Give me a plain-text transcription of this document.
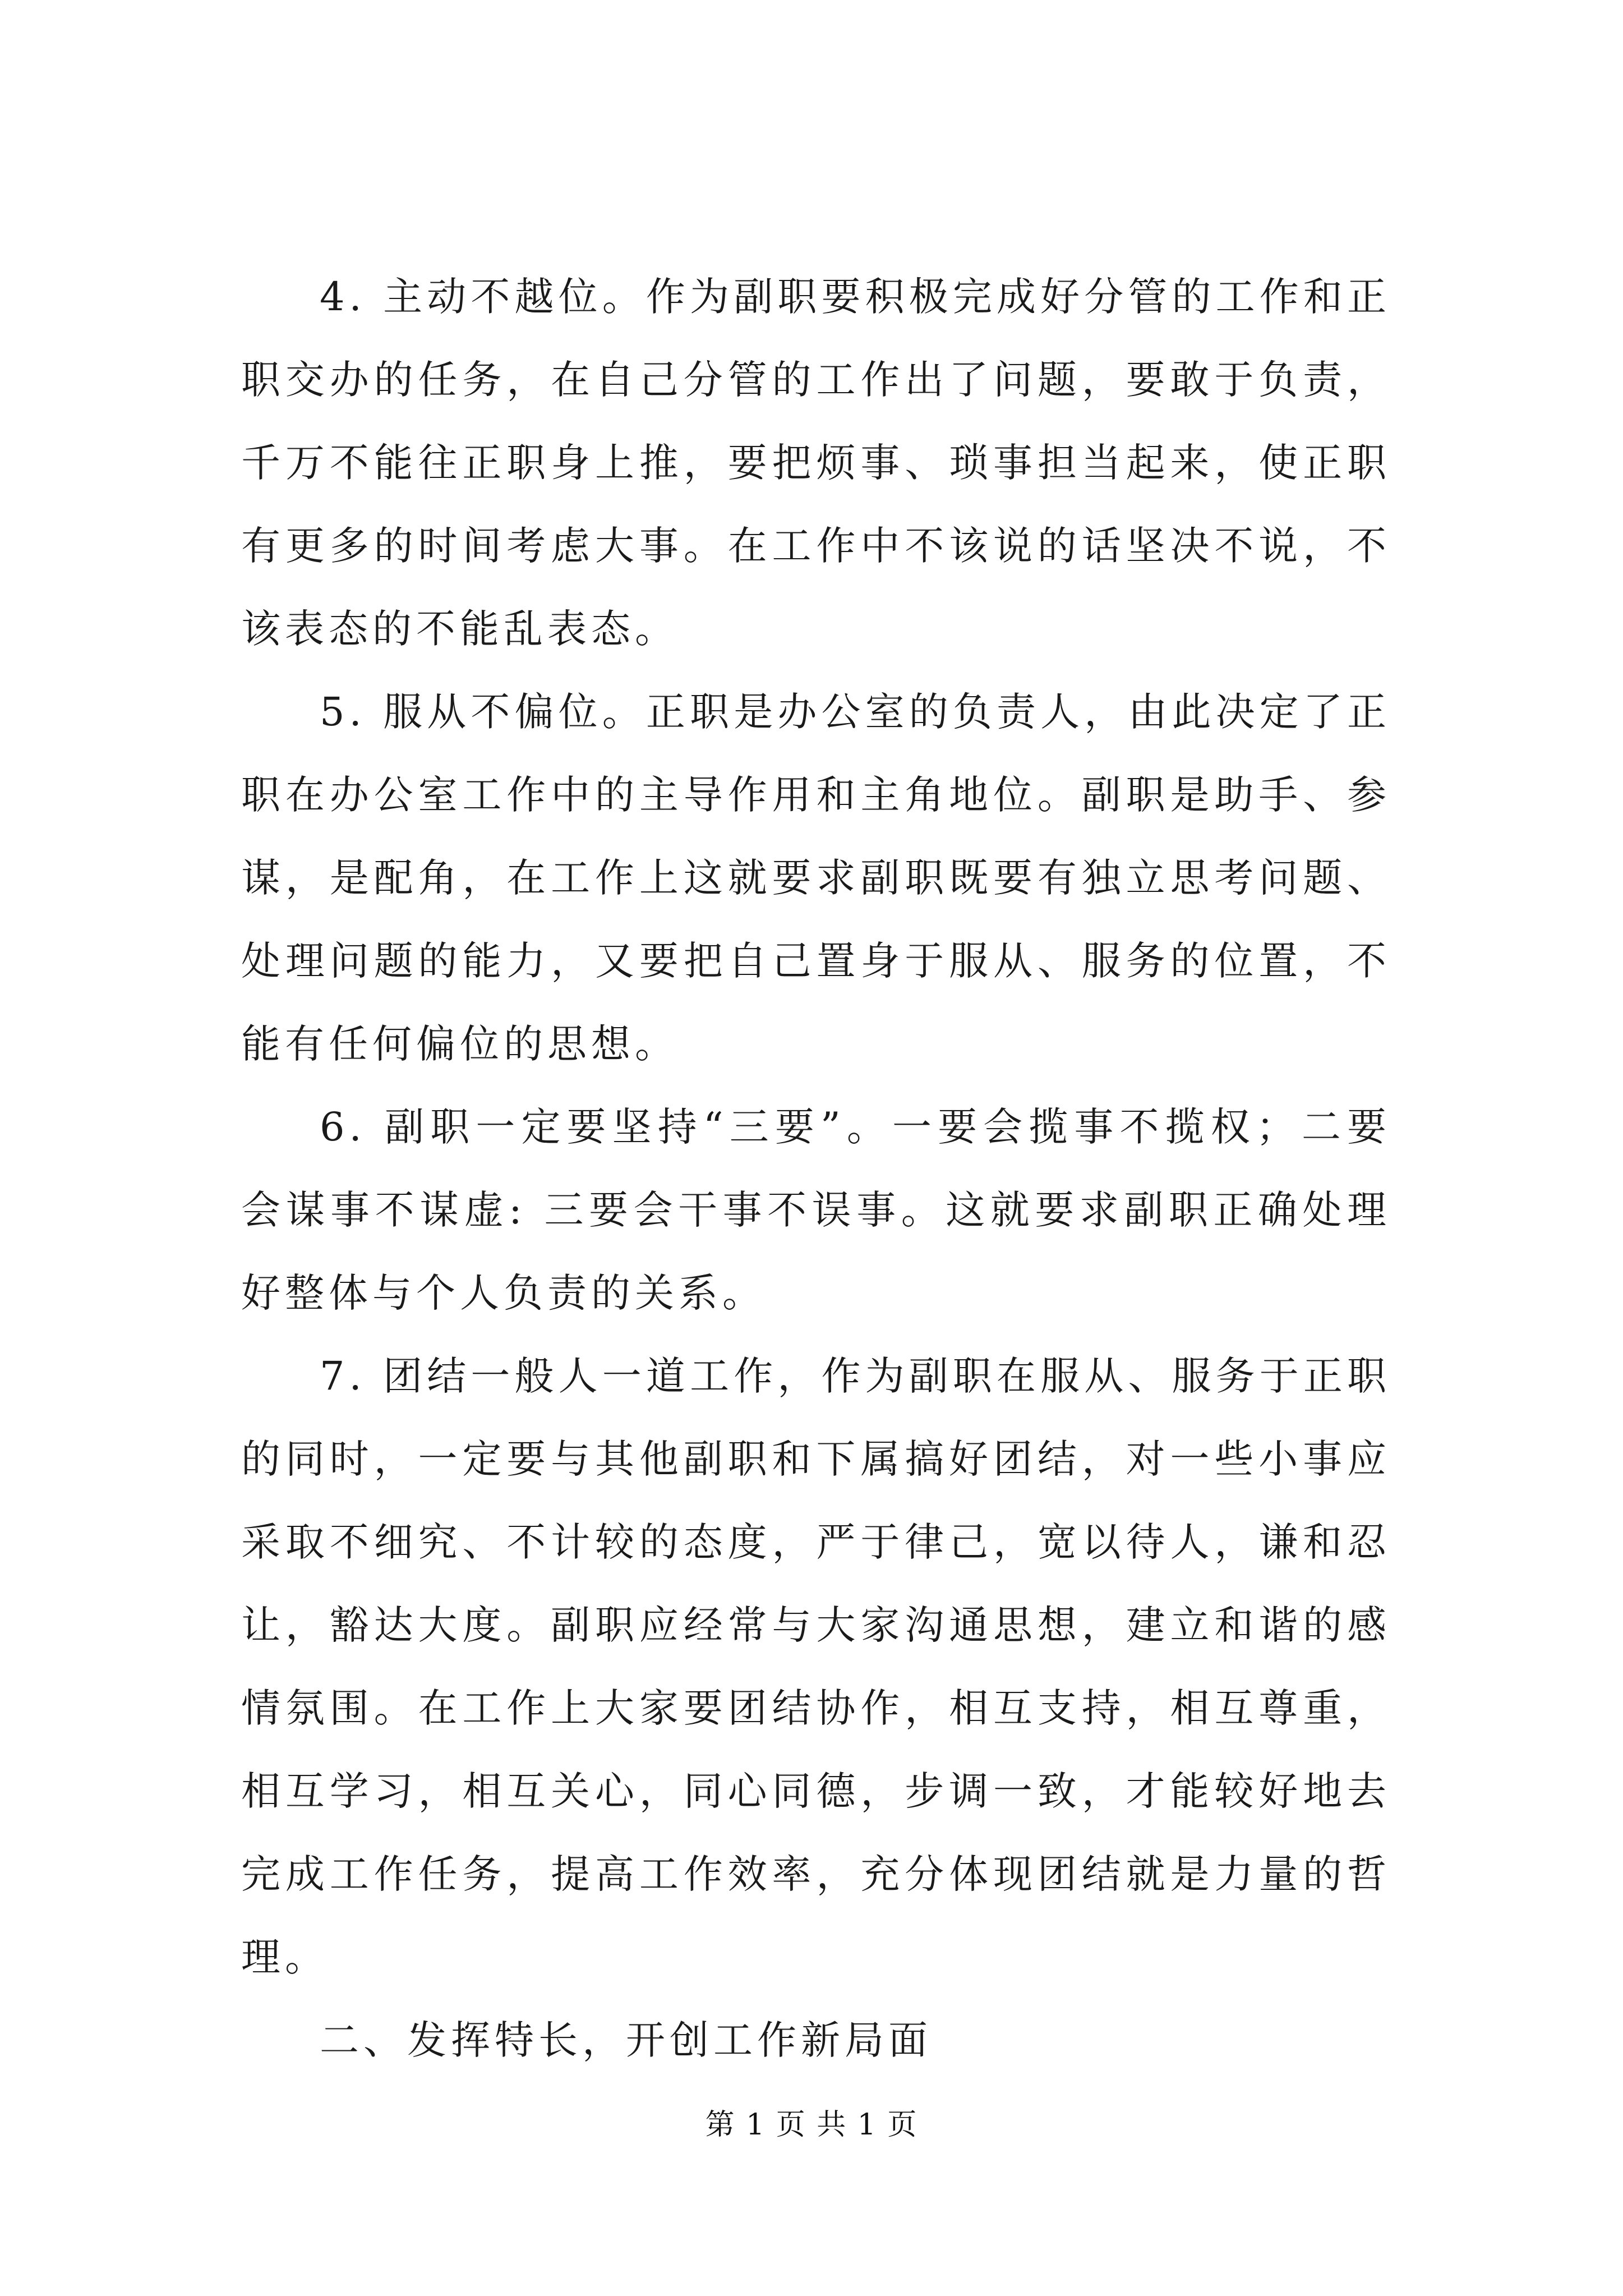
4. 主动不越位。作为副职要积极完成好分管的工作和正职交办的任务，在自己分管的工作出了问题，要敢于负责，千万不能往正职身上推，要把烦事、琐事担当起来，使正职有更多的时间考虑大事。在工作中不该说的话坚决不说，不该表态的不能乱表态。

5. 服从不偏位。正职是办公室的负责人，由此决定了正职在办公室工作中的主导作用和主角地位。副职是助手、参谋，是配角，在工作上这就要求副职既要有独立思考问题、处理问题的能力，又要把自己置身于服从、服务的位置，不能有任何偏位的思想。

6. 副职一定要坚持“三要”。一要会揽事不揽权；二要会谋事不谋虚: 三要会干事不误事。这就要求副职正确处理好整体与个人负责的关系。

7. 团结一般人一道工作，作为副职在服从、服务于正职的同时，一定要与其他副职和下属搞好团结，对一些小事应采取不细究、不计较的态度，严于律己，宽以待人，谦和忍让，豁达大度。副职应经常与大家沟通思想，建立和谐的感情氛围。在工作上大家要团结协作，相互支持，相互尊重，相互学习，相互关心，同心同德，步调一致，才能较好地去完成工作任务，提高工作效率，充分体现团结就是力量的哲理。

二、发挥特长，开创工作新局面

第 1 页 共 1 页
